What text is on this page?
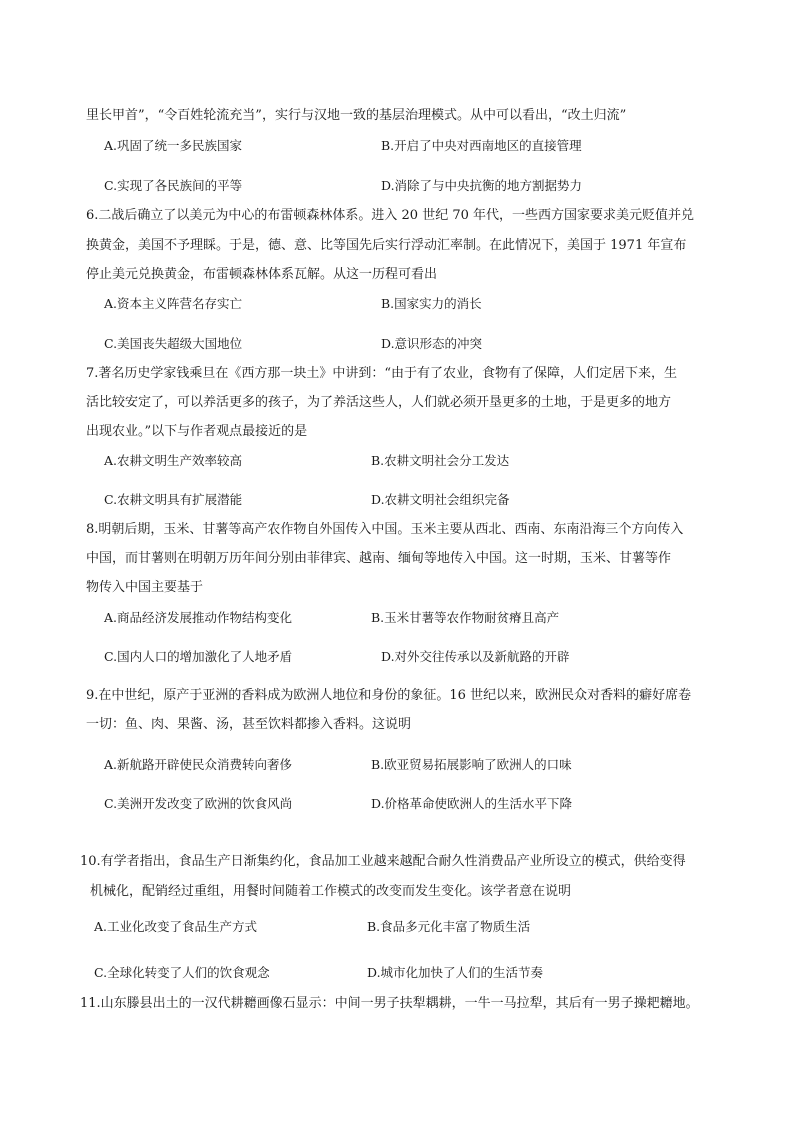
里长甲首”，“令百姓轮流充当”，实行与汉地一致的基层治理模式。从中可以看出，“改土归流”
A.巩固了统一多民族国家	B.开启了中央对西南地区的直接管理
C.实现了各民族间的平等	D.消除了与中央抗衡的地方割据势力
6.二战后确立了以美元为中心的布雷顿森林体系。进入 20 世纪 70 年代，一些西方国家要求美元贬值并兑
换黄金，美国不予理睬。于是，德、意、比等国先后实行浮动汇率制。在此情况下，美国于 1971 年宣布
停止美元兑换黄金，布雷顿森林体系瓦解。从这一历程可看出
A.资本主义阵营名存实亡	B.国家实力的消长
C.美国丧失超级大国地位	D.意识形态的冲突
7.著名历史学家钱乘旦在《西方那一块土》中讲到：“由于有了农业，食物有了保障，人们定居下来，生
活比较安定了，可以养活更多的孩子，为了养活这些人，人们就必须开垦更多的土地，于是更多的地方
出现农业。”以下与作者观点最接近的是
A.农耕文明生产效率较高	B.农耕文明社会分工发达
C.农耕文明具有扩展潜能	D.农耕文明社会组织完备
8.明朝后期，玉米、甘薯等高产农作物自外国传入中国。玉米主要从西北、西南、东南沿海三个方向传入
中国，而甘薯则在明朝万历年间分别由菲律宾、越南、缅甸等地传入中国。这一时期，玉米、甘薯等作
物传入中国主要基于
A.商品经济发展推动作物结构变化	B.玉米甘薯等农作物耐贫瘠且高产
C.国内人口的增加激化了人地矛盾	D.对外交往传承以及新航路的开辟
9.在中世纪，原产于亚洲的香料成为欧洲人地位和身份的象征。16 世纪以来，欧洲民众对香料的癖好席卷
一切：鱼、肉、果酱、汤，甚至饮料都掺入香料。这说明
A.新航路开辟使民众消费转向奢侈	B.欧亚贸易拓展影响了欧洲人的口味
C.美洲开发改变了欧洲的饮食风尚	D.价格革命使欧洲人的生活水平下降
10.有学者指出，食品生产日渐集约化，食品加工业越来越配合耐久性消费品产业所设立的模式，供给变得
机械化，配销经过重组，用餐时间随着工作模式的改变而发生变化。该学者意在说明
A.工业化改变了食品生产方式	B.食品多元化丰富了物质生活
C.全球化转变了人们的饮食观念	D.城市化加快了人们的生活节奏
11.山东滕县出土的一汉代耕耱画像石显示：中间一男子扶犁耦耕，一牛一马拉犁，其后有一男子操耙耱地。
